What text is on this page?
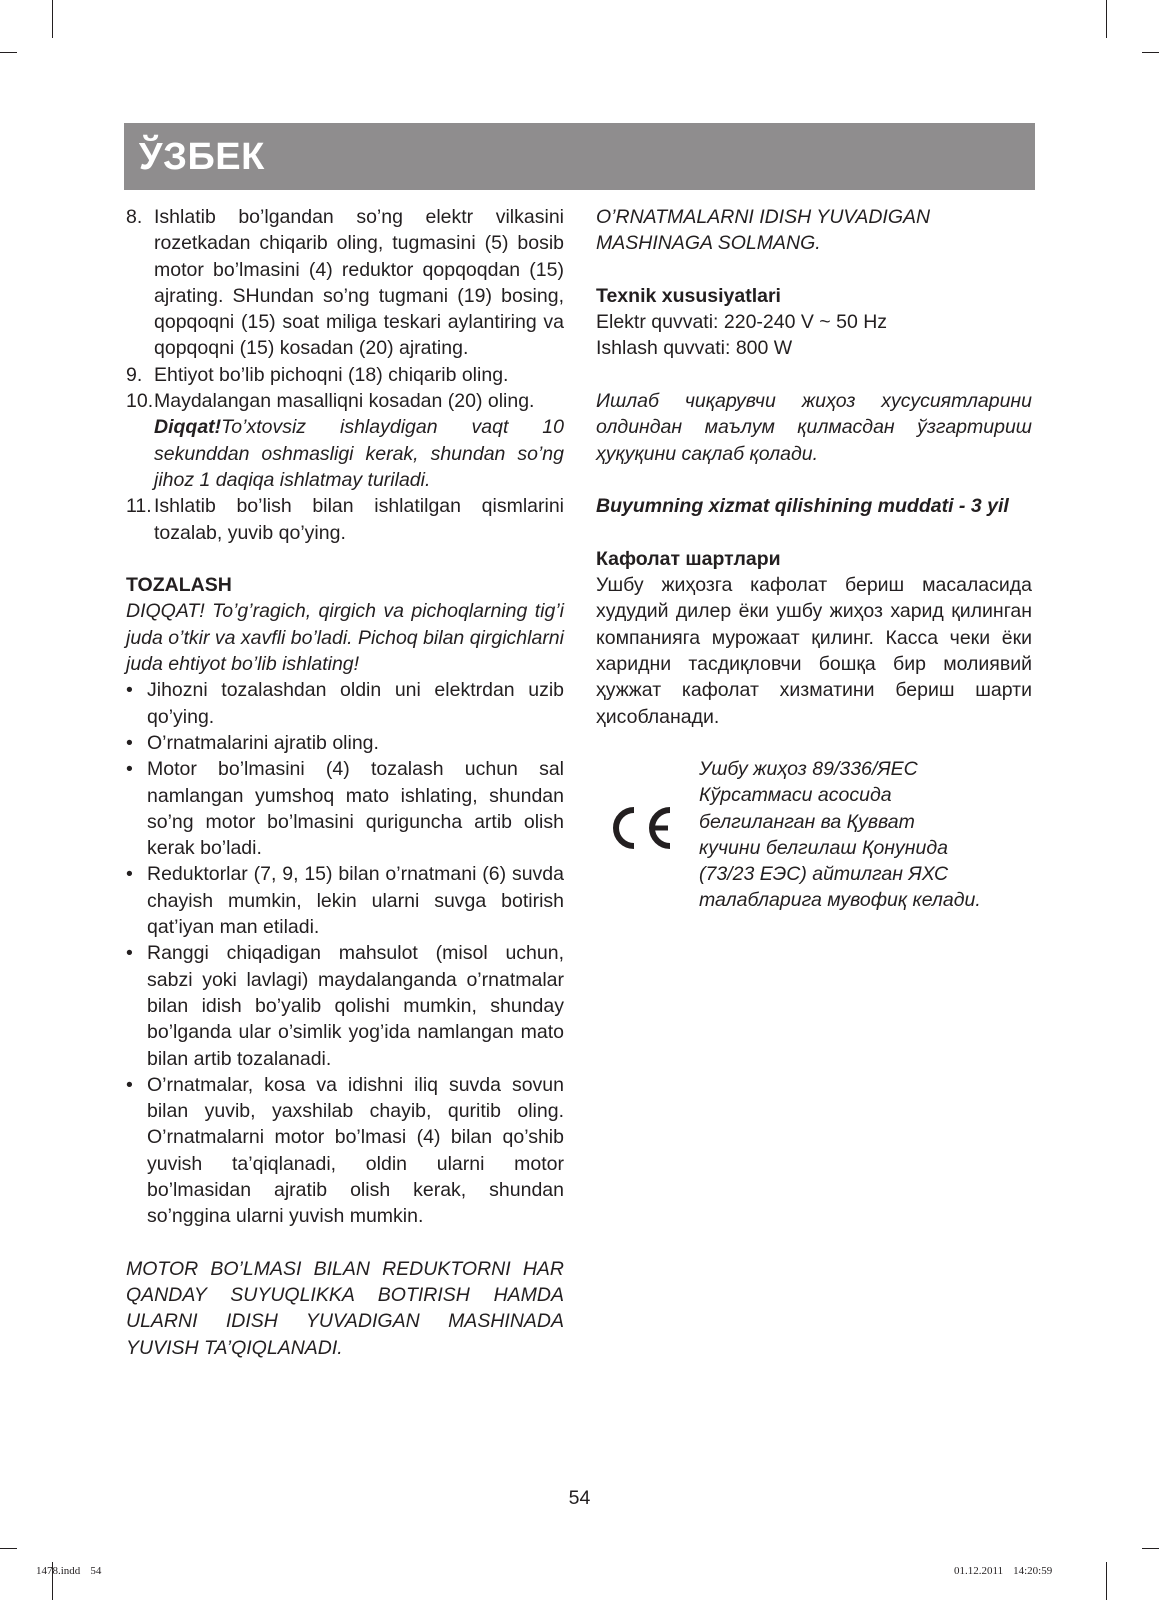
ЎЗБЕК
8. Ishlatib bo’lgandan so’ng elektr vilkasini rozetkadan chiqarib oling, tugmasini (5) bosib motor bo’lmasini (4) reduktor qopqoqdan (15) ajrating. SHundan so’ng tugmani (19) bosing, qopqoqni (15) soat miliga teskari aylantiring va qopqoqni (15) kosadan (20) ajrating.
9. Ehtiyot bo’lib pichoqni (18) chiqarib oling.
10. Maydalangan masalliqni kosadan (20) oling.
Diqqat!To’xtovsiz ishlaydigan vaqt 10 sekunddan oshmasligi kerak, shundan so’ng jihoz 1 daqiqa ishlatmay turiladi.
11. Ishlatib bo’lish bilan ishlatilgan qismlarini tozalab, yuvib qo’ying.

TOZALASH

DIQQAT! To’g’ragich, qirgich va pichoqlarning tig’i juda o’tkir va xavfli bo’ladi. Pichoq bilan qirgichlarni juda ehtiyot bo’lib ishlating!

• Jihozni tozalashdan oldin uni elektrdan uzib qo’ying.
• O’rnatmalarini ajratib oling.
• Motor bo’lmasini (4) tozalash uchun sal namlangan yumshoq mato ishlating, shundan so’ng motor bo’lmasini quriguncha artib olish kerak bo’ladi.
• Reduktorlar (7, 9, 15) bilan o’rnatmani (6) suvda chayish mumkin, lekin ularni suvga botirish qat’iyan man etiladi.
• Ranggi chiqadigan mahsulot (misol uchun, sabzi yoki lavlagi) maydalanganda o’rnatmalar bilan idish bo’yalib qolishi mumkin, shunday bo’lganda ular o’simlik yog’ida namlangan mato bilan artib tozalanadi.
• O’rnatmalar, kosa va idishni iliq suvda sovun bilan yuvib, yaxshilab chayib, quritib oling. O’rnatmalarni motor bo’lmasi (4) bilan qo’shib yuvish ta’qiqlanadi, oldin ularni motor bo’lmasidan ajratib olish kerak, shundan so’nggina ularni yuvish mumkin.

MOTOR BO’LMASI BILAN REDUKTORNI HAR QANDAY SUYUQLIKKA BOTIRISH HAMDA ULARNI IDISH YUVADIGAN MASHINADA YUVISH TA’QIQLANADI.

O’RNATMALARNI IDISH YUVADIGAN MASHINAGA SOLMANG.

Texnik xususiyatlari

Elektr quvvati: 220-240 V ~ 50 Hz

Ishlash quvvati: 800 W

Ишлаб чиқарувчи жиҳоз хусусиятларини олдиндан маълум қилмасдан ўзгартириш ҳуқуқини сақлаб қолади.

Buyumning xizmat qilishining muddati - 3 yil

Кафолат шартлари

Ушбу жиҳозга кафолат бериш масаласида худудий дилер ёки ушбу жиҳоз харид қилинган компанияга мурожаат қилинг. Касса чеки ёки харидни тасдиқловчи бошқа бир молиявий ҳужжат кафолат хизматини бериш шарти ҳисобланади.

Ушбу жиҳоз 89/336/ЯЕС

Кўрсатмаси асосида

белгиланган ва Қувват

кучини белгилаш Қонунида

(73/23 ЕЭС) айтилган ЯХС

талабларига мувофиқ келади.

54
1478.indd 54	01.12.2011 14:20:59
